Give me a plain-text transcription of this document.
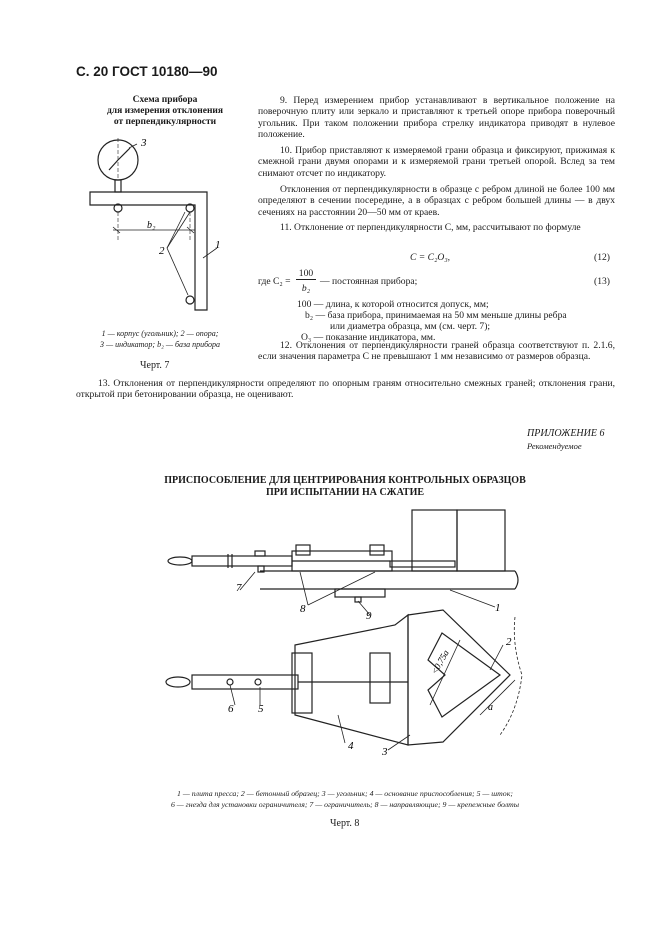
С. 20 ГОСТ 10180—90
Схема прибора
для измерения отклонения
от перпендикулярности
3
b₂
2	1
1 — корпус (угольник); 2 — опора;
3 — индикатор; b₂ — база прибора
Черт. 7
9. Перед измерением прибор устанавливают в вертикальное положение на поверочную плиту или зеркало и приставляют к третьей опоре прибора поверочный угольник. При таком положении прибора стрелку индикатора приводят в нулевое положение.
10. Прибор приставляют к измеряемой грани образца и фиксируют, прижимая к смежной грани двумя опорами и к измеряемой грани третьей опорой. Вслед за тем снимают отсчет по индикатору.
Отклонения от перпендикулярности в образце с ребром длиной не более 100 мм определяют в сечении посередине, а в образцах с ребром большей длины — в двух сечениях на расстоянии 20—50 мм от краев.
11. Отклонение от перпендикулярности С, мм, рассчитывают по формуле
C = C₂O₃,	(12)
где C₂ =
100
b₂
— постоянная прибора;	(13)
100 — длина, к которой относится допуск, мм;
b₂ — база прибора, принимаемая на 50 мм меньше длины ребра
или диаметра образца, мм (см. черт. 7);
O₃ — показание индикатора, мм.
12. Отклонения от перпендикулярности граней образца соответствуют п. 2.1.6, если значения параметра С не превышают 1 мм независимо от размеров образца.
13. Отклонения от перпендикулярности определяют по опорным граням относительно смежных граней; отклонения грани, открытой при бетонировании образца, не оценивают.
ПРИЛОЖЕНИЕ 6
Рекомендуемое
ПРИСПОСОБЛЕНИЕ ДЛЯ ЦЕНТРИРОВАНИЯ КОНТРОЛЬНЫХ ОБРАЗЦОВ
ПРИ ИСПЫТАНИИ НА СЖАТИЕ
7
8
9
1
2
6 5
4	3
<0,75a
a
1 — плита пресса; 2 — бетонный образец; 3 — угольник; 4 — основание приспособления; 5 — шток;
6 — гнезда для установки ограничителя; 7 — ограничитель; 8 — направляющие; 9 — крепежные болты
Черт. 8
